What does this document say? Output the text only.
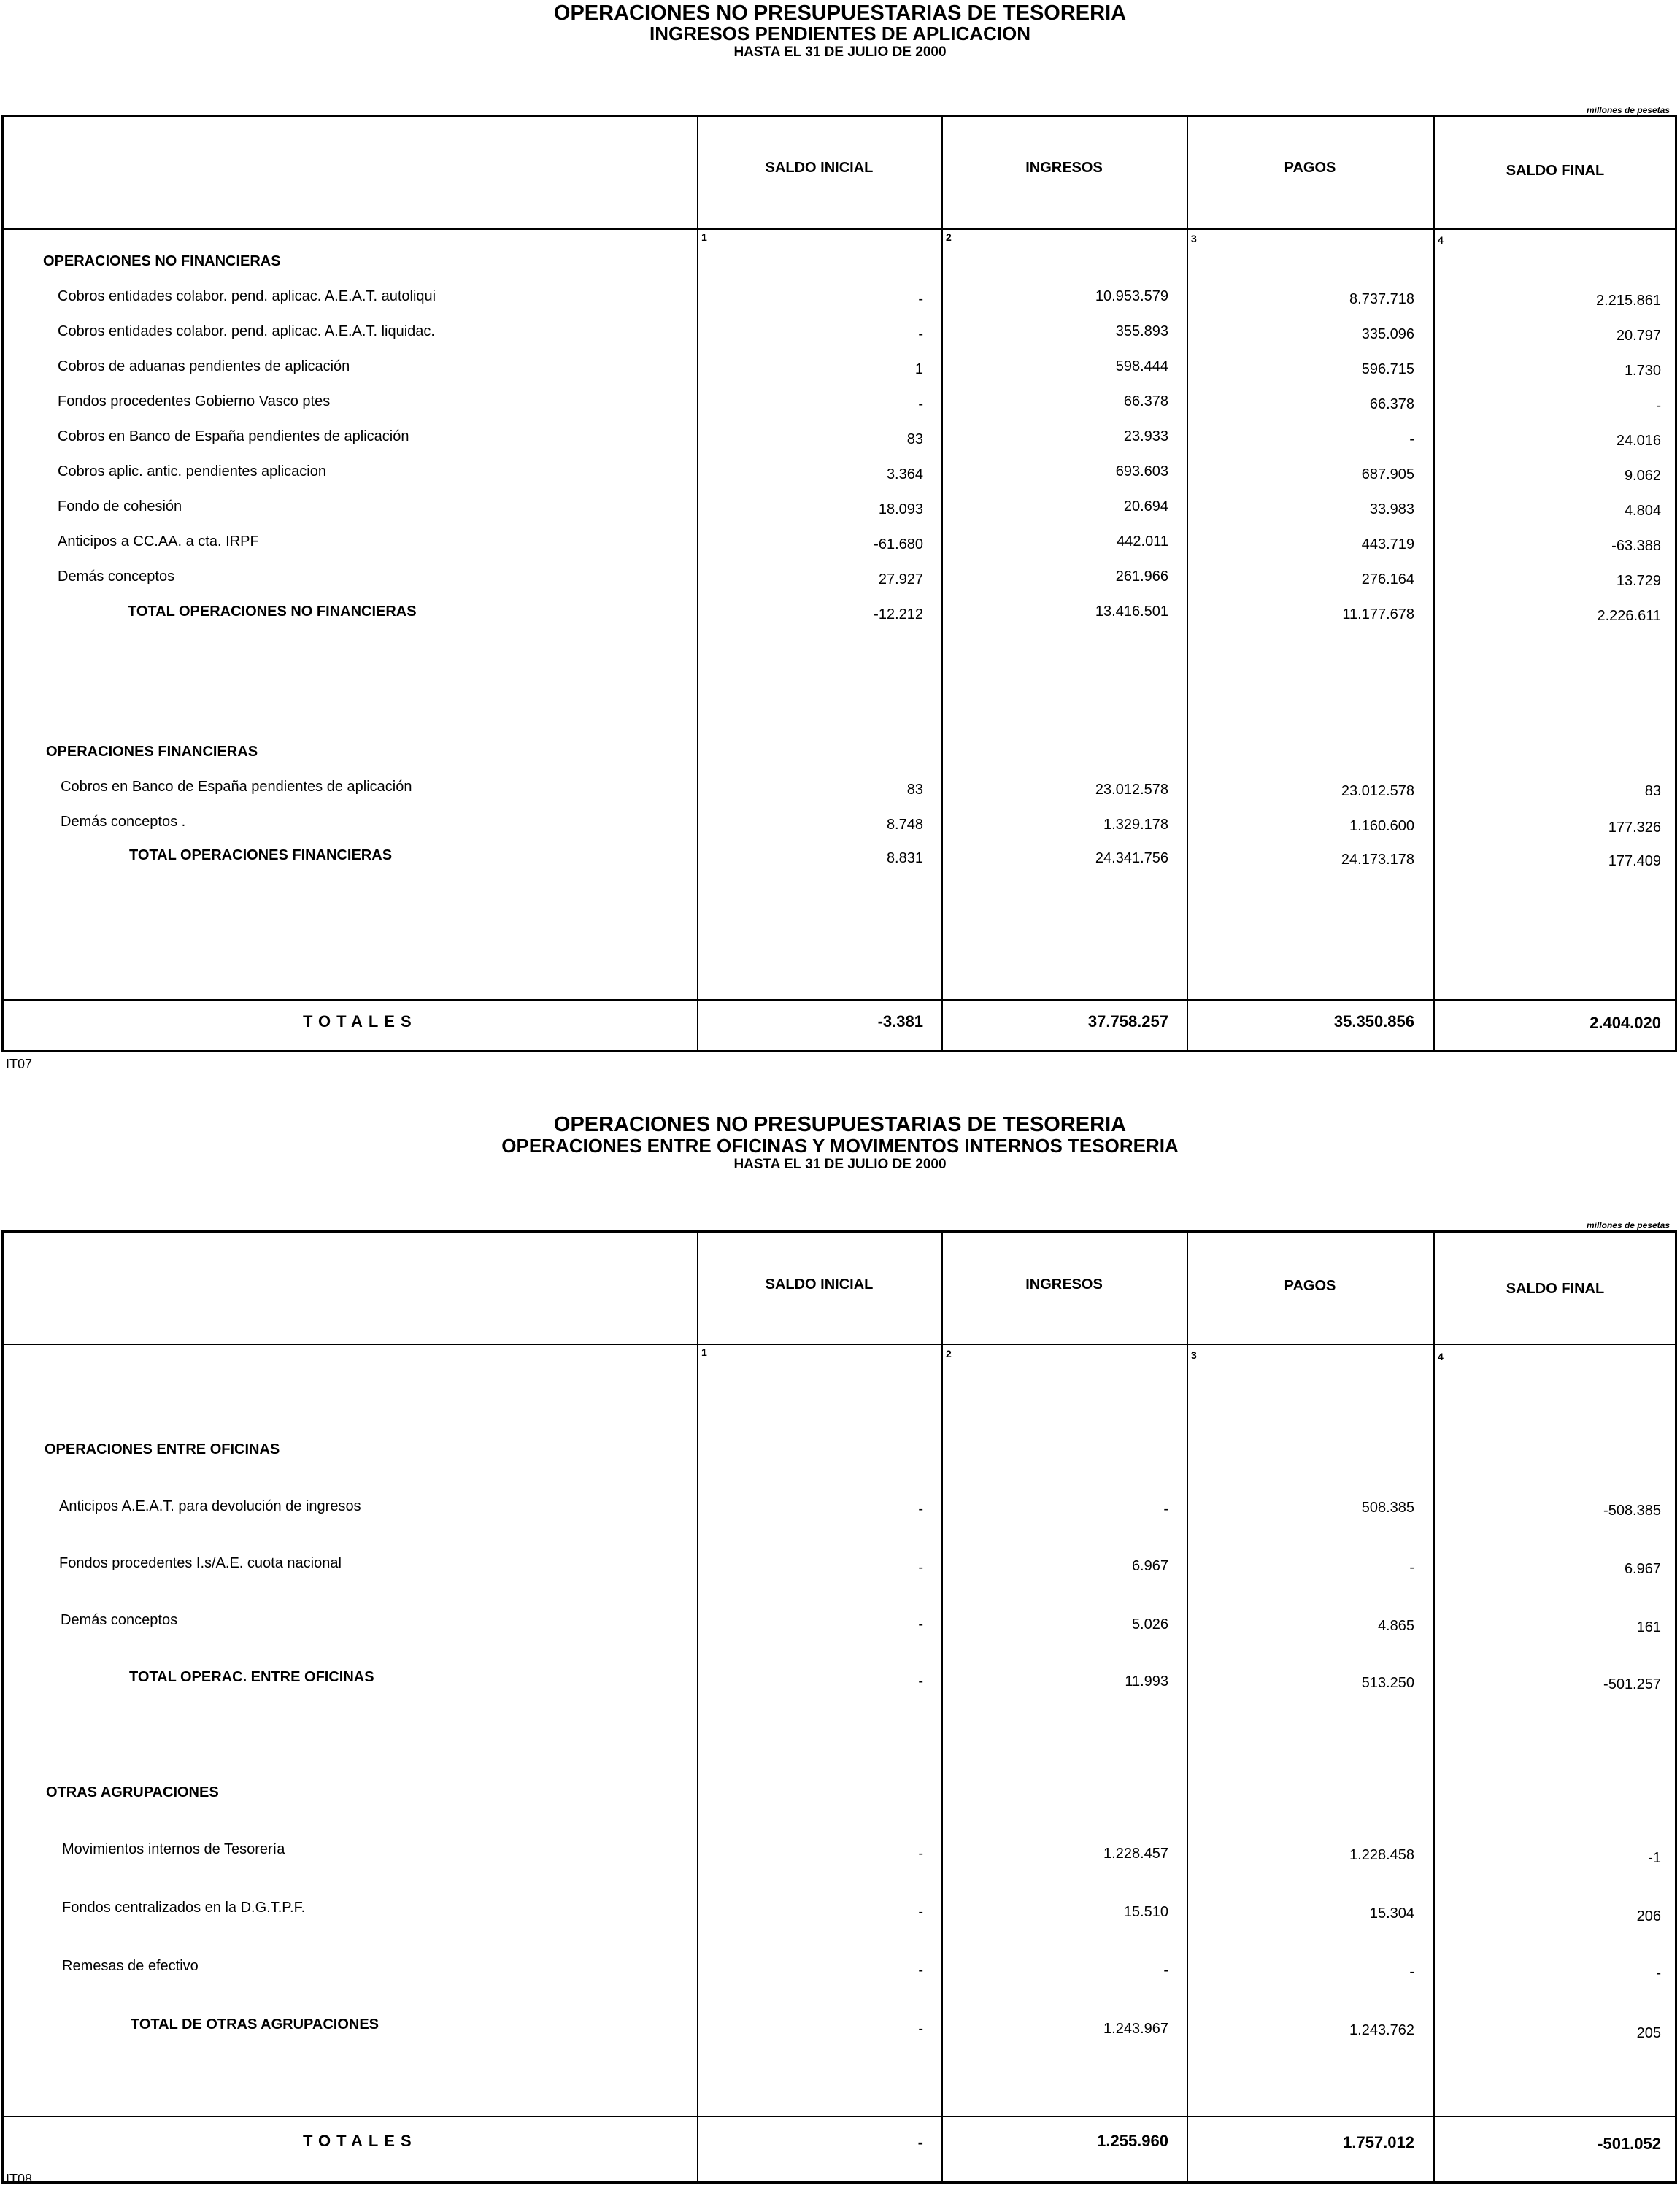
OPERACIONES NO PRESUPUESTARIAS DE TESORERIA
INGRESOS PENDIENTES DE APLICACION
HASTA EL 31 DE JULIO DE 2000
millones de pesetas
SALDO INICIAL	INGRESOS	PAGOS	SALDO FINAL
1	2	3	4
OPERACIONES NO FINANCIERAS
Cobros entidades colabor. pend. aplicac. A.E.A.T. autoliqui	-	10.953.579	8.737.718	2.215.861
Cobros entidades colabor. pend. aplicac. A.E.A.T. liquidac.	-	355.893	335.096	20.797
Cobros de aduanas pendientes de aplicación	1	598.444	596.715	1.730
Fondos procedentes Gobierno Vasco ptes	-	66.378	66.378	-
Cobros en Banco de España pendientes de aplicación	83	23.933	-	24.016
Cobros aplic. antic. pendientes aplicacion	3.364	693.603	687.905	9.062
Fondo de cohesión	18.093	20.694	33.983	4.804
Anticipos a CC.AA. a cta. IRPF	-61.680	442.011	443.719	-63.388
Demás conceptos	27.927	261.966	276.164	13.729
TOTAL OPERACIONES NO FINANCIERAS	-12.212	13.416.501	11.177.678	2.226.611
OPERACIONES FINANCIERAS
Cobros en Banco de España pendientes de aplicación	83	23.012.578	23.012.578	83
Demás conceptos .	8.748	1.329.178	1.160.600	177.326
TOTAL OPERACIONES FINANCIERAS	8.831	24.341.756	24.173.178	177.409
TOTALES	-3.381	37.758.257	35.350.856	2.404.020
IT07
OPERACIONES NO PRESUPUESTARIAS DE TESORERIA
OPERACIONES ENTRE OFICINAS Y MOVIMENTOS INTERNOS TESORERIA
HASTA EL 31 DE JULIO DE 2000
millones de pesetas
SALDO INICIAL	INGRESOS	PAGOS	SALDO FINAL
1	2	3	4
OPERACIONES ENTRE OFICINAS
Anticipos A.E.A.T. para devolución de ingresos	-	-	508.385	-508.385
Fondos procedentes I.s/A.E. cuota nacional	-	6.967	-	6.967
Demás conceptos	-	5.026	4.865	161
TOTAL OPERAC. ENTRE OFICINAS	-	11.993	513.250	-501.257
OTRAS AGRUPACIONES
Movimientos internos de Tesorería	-	1.228.457	1.228.458	-1
Fondos centralizados en la D.G.T.P.F.	-	15.510	15.304	206
Remesas de efectivo	-	-	-	-
TOTAL DE OTRAS AGRUPACIONES	-	1.243.967	1.243.762	205
TOTALES	-	1.255.960	1.757.012	-501.052
IT08
